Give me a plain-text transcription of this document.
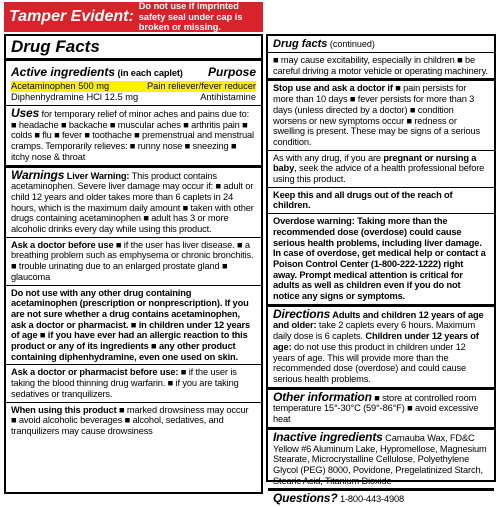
Tamper Evident:
Do not use if imprinted safety seal under cap is broken or missing.
Drug Facts
Active ingredients (in each caplet) Purpose
Acetaminophen 500 mg	Pain reliever/fever reducer
Diphenhydramine HCl 12.5 mg	Antihistamine
Uses for temporary relief of minor aches and pains due to: ■ headache ■ backache ■ muscular aches ■ arthritis pain ■ colds ■ flu ■ fever ■ toothache ■ premenstrual and menstrual cramps. Temporarily relieves: ■ runny nose ■ sneezing ■ itchy nose & throat
Warnings Liver Warning: This product contains acetaminophen. Severe liver damage may occur if: ■ adult or child 12 years and older takes more than 6 caplets in 24 hours, which is the maximum daily amount ■ taken with other drugs containing acetaminophen ■ adult has 3 or more alcoholic drinks every day while using this product.
Ask a doctor before use ■ if the user has liver disease. ■ a breathing problem such as emphysema or chronic bronchitis. ■ trouble urinating due to an enlarged prostate gland ■ glaucoma
Do not use with any other drug containing acetaminophen (prescription or nonprescription). If you are not sure whether a drug contains acetaminophen, ask a doctor or pharmacist. ■ in children under 12 years of age ■ if you have ever had an allergic reaction to this product or any of its ingredients ■ any other product containing diphenhydramine, even one used on skin.
Ask a doctor or pharmacist before use: ■ if the user is taking the blood thinning drug warfarin. ■ if you are taking sedatives or tranquilizers.
When using this product ■ marked drowsiness may occur ■ avoid alcoholic beverages ■ alcohol, sedatives, and tranquilizers may cause drowsiness
Drug facts (continued)
■ may cause excitability, especially in children ■ be careful driving a motor vehicle or operating machinery.
Stop use and ask a doctor if ■ pain persists for more than 10 days ■ fever persists for more than 3 days (unless directed by a doctor) ■ condition worsens or new symptoms occur ■ redness or swelling is present. These may be signs of a serious condition.
As with any drug, if you are pregnant or nursing a baby, seek the advice of a health professional before using this product.
Keep this and all drugs out of the reach of children.
Overdose warning: Taking more than the recommended dose (overdose) could cause serious health problems, including liver damage. In case of overdose, get medical help or contact a Poison Control Center (1-800-222-1222) right away. Prompt medical attention is critical for adults as well as children even if you do not notice any signs or symptoms.
Directions Adults and children 12 years of age and older: take 2 caplets every 6 hours. Maximum daily dose is 6 caplets. Children under 12 years of age: do not use this product in children under 12 years of age. This will provide more than the recommended dose (overdose) and could cause serious health problems.
Other information ■ store at controlled room temperature 15°-30°C (59°-86°F) ■ avoid excessive heat
Inactive ingredients Carnauba Wax, FD&C Yellow #6 Aluminum Lake, Hypromellose, Magnesium Stearate, Microcrystalline Cellulose, Polyethylene Glycol (PEG) 8000, Povidone, Pregelatinized Starch, Stearic Acid, Titanium Dioxide
Questions? 1-800-443-4908
